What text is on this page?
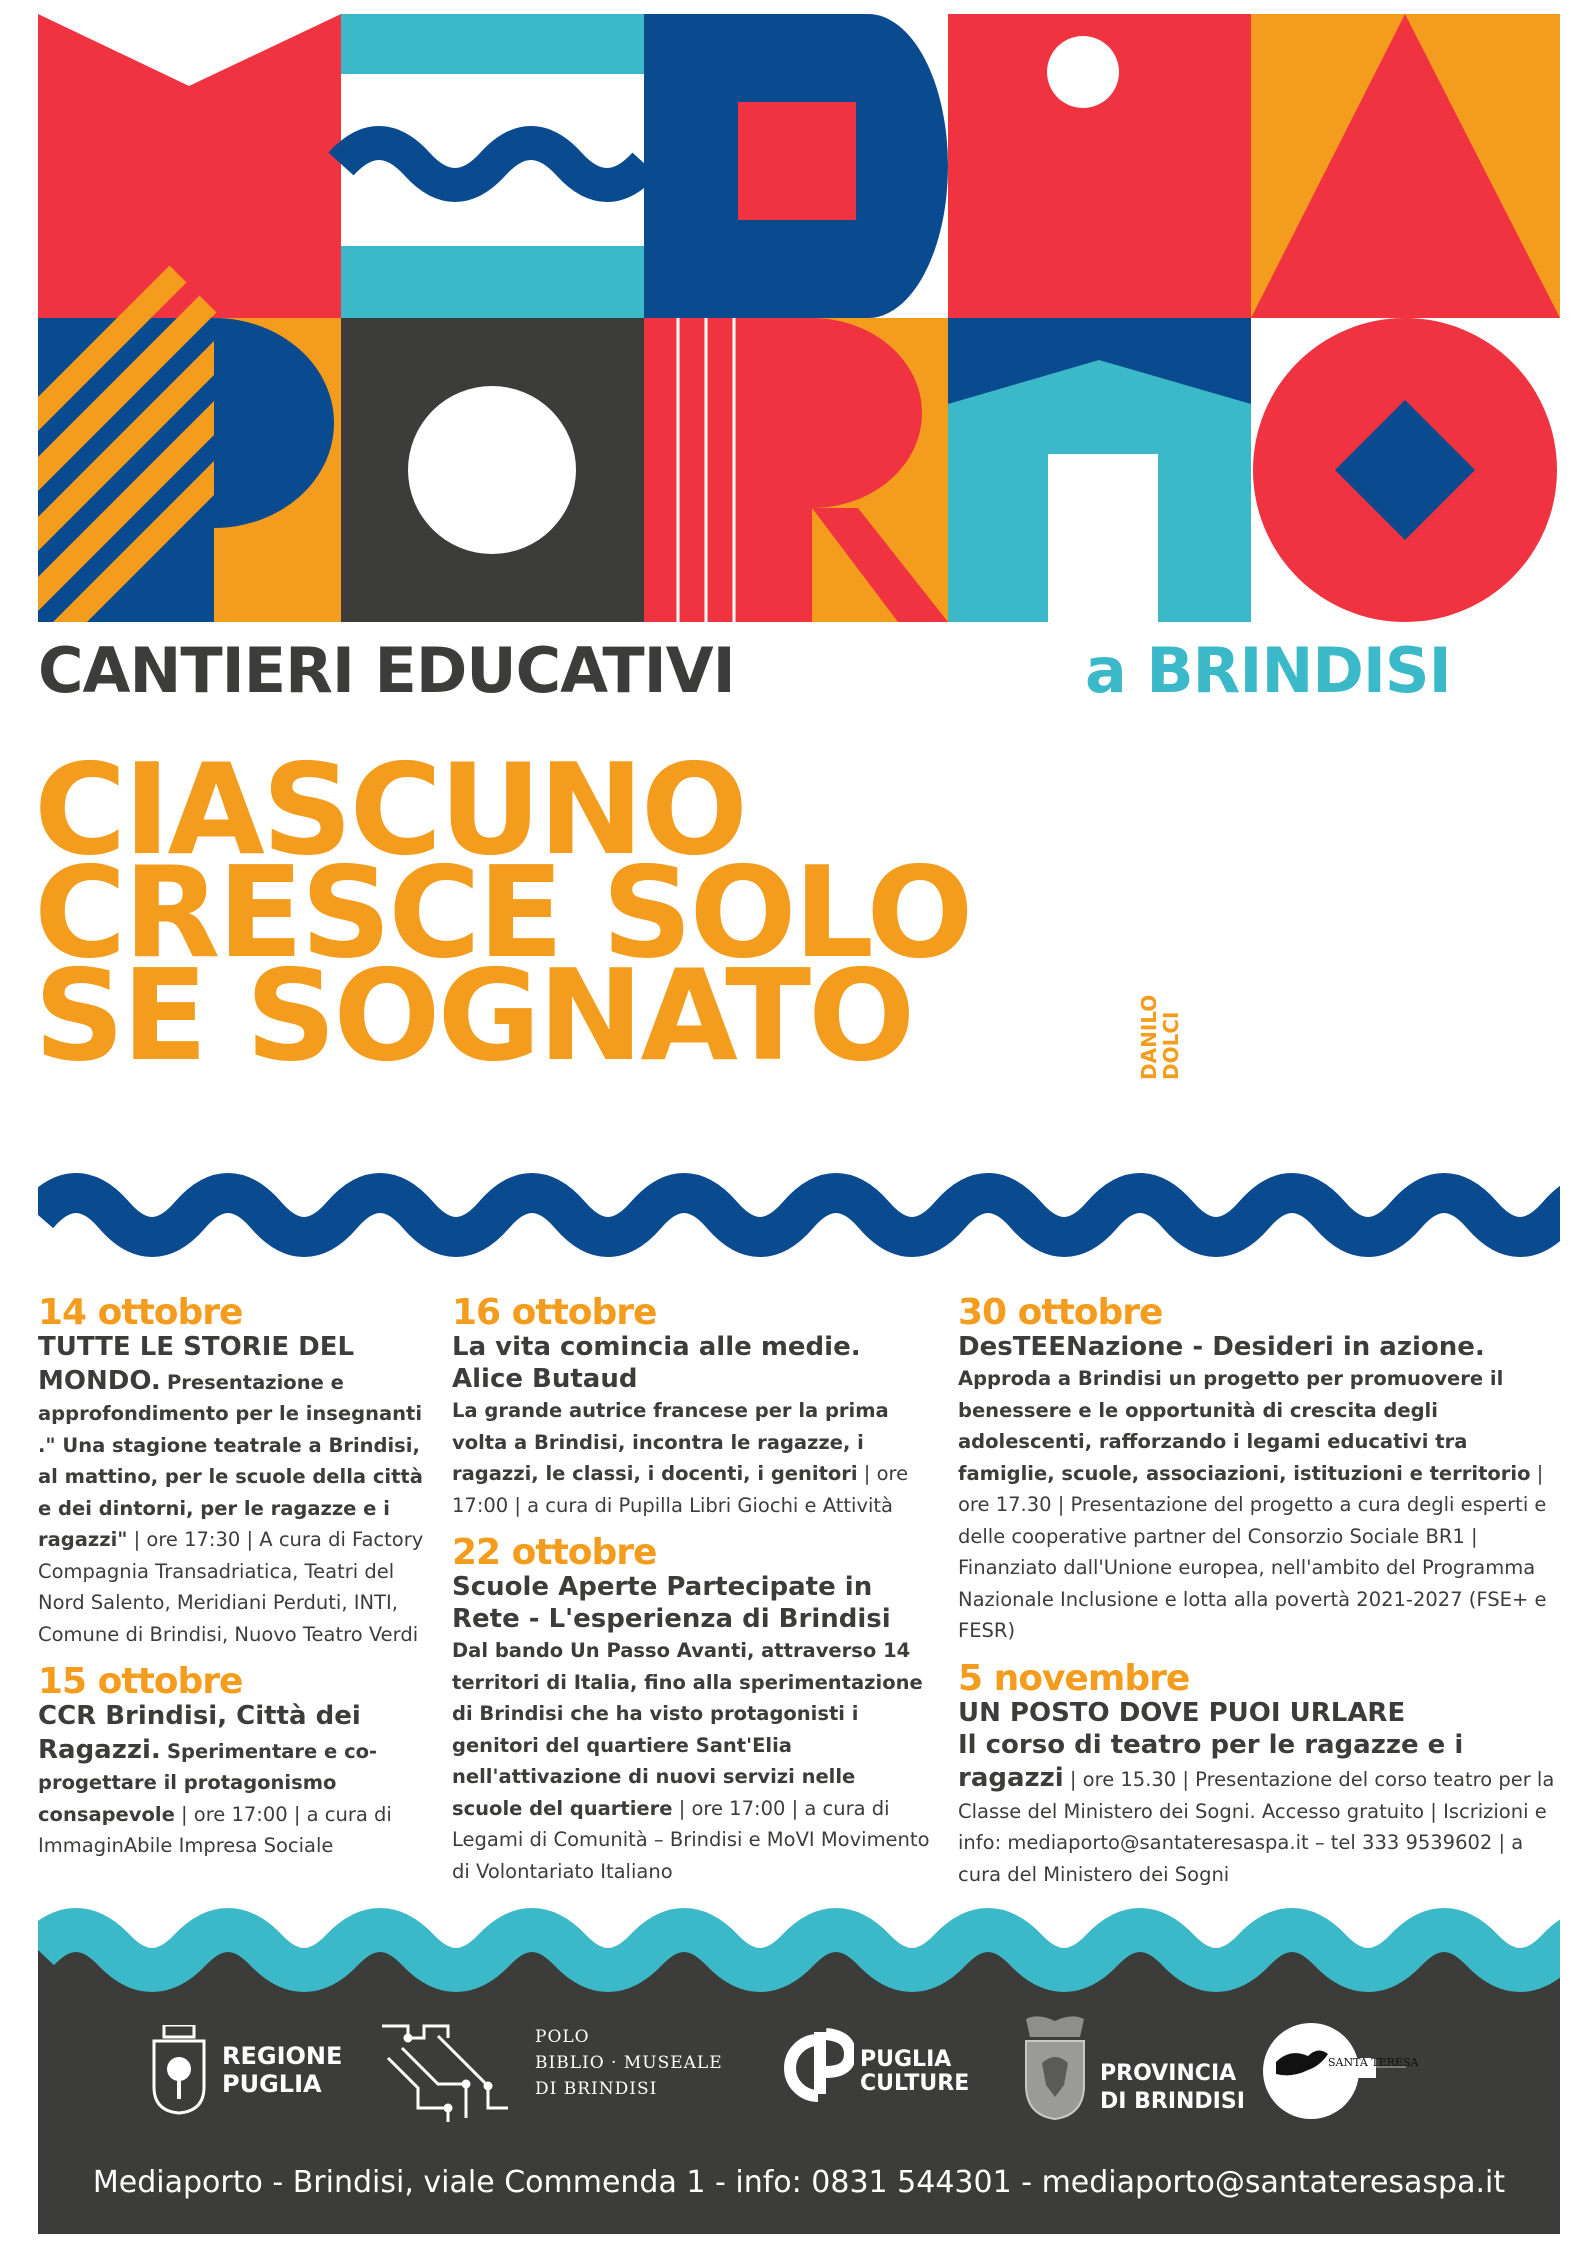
CANTIERI EDUCATIVI	a BRINDISI
CIASCUNO
CRESCE SOLO
SE SOGNATO	DANILO
DOLCI
14 ottobre
TUTTE LE STORIE DEL MONDO. Presentazione e approfondimento per le insegnanti ." Una stagione teatrale a Brindisi, al mattino, per le scuole della città e dei dintorni, per le ragazze e i ragazzi" | ore 17:30 | A cura di Factory Compagnia Transadriatica, Teatri del Nord Salento, Meridiani Perduti, INTI, Comune di Brindisi, Nuovo Teatro Verdi
15 ottobre
CCR Brindisi, Città dei Ragazzi. Sperimentare e co-progettare il protagonismo consapevole | ore 17:00 | a cura di ImmaginAbile Impresa Sociale
16 ottobre
La vita comincia alle medie. Alice Butaud
La grande autrice francese per la prima volta a Brindisi, incontra le ragazze, i ragazzi, le classi, i docenti, i genitori | ore 17:00 | a cura di Pupilla Libri Giochi e Attività
22 ottobre
Scuole Aperte Partecipate in Rete - L'esperienza di Brindisi
Dal bando Un Passo Avanti, attraverso 14 territori di Italia, fino alla sperimentazione di Brindisi che ha visto protagonisti i genitori del quartiere Sant'Elia nell'attivazione di nuovi servizi nelle scuole del quartiere | ore 17:00 | a cura di Legami di Comunità – Brindisi e MoVI Movimento di Volontariato Italiano
30 ottobre
DesTEENazione - Desideri in azione.
Approda a Brindisi un progetto per promuovere il benessere e le opportunità di crescita degli adolescenti, rafforzando i legami educativi tra famiglie, scuole, associazioni, istituzioni e territorio | ore 17.30 | Presentazione del progetto a cura degli esperti e delle cooperative partner del Consorzio Sociale BR1 | Finanziato dall'Unione europea, nell'ambito del Programma Nazionale Inclusione e lotta alla povertà 2021-2027 (FSE+ e FESR)
5 novembre
UN POSTO DOVE PUOI URLARE
Il corso di teatro per le ragazze e i ragazzi | ore 15.30 | Presentazione del corso teatro per la Classe del Ministero dei Sogni. Accesso gratuito | Iscrizioni e info: mediaporto@santateresaspa.it – tel 333 9539602 | a cura del Ministero dei Sogni
REGIONE
PUGLIA
POLO
BIBLIO · MUSEALE
DI BRINDISI
PUGLIA
CULTURE	PROVINCIA
DI BRINDISI
SANTA TERESA
Mediaporto - Brindisi, viale Commenda 1 - info: 0831 544301 - mediaporto@santateresaspa.it
